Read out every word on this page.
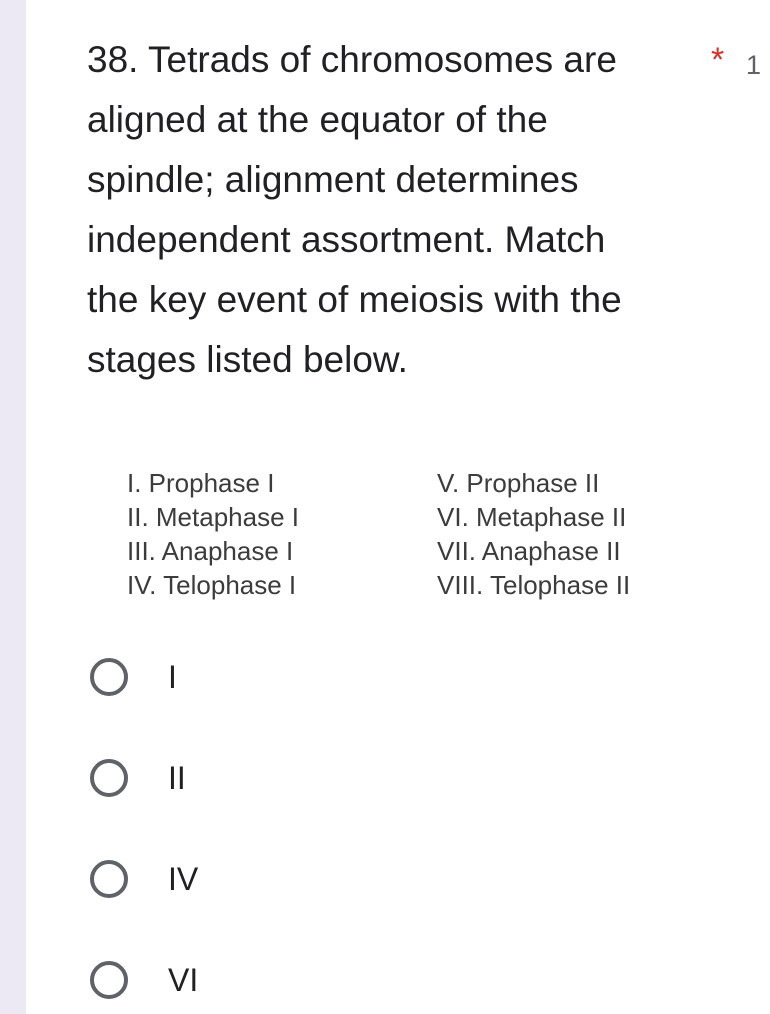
38. Tetrads of chromosomes are
aligned at the equator of the
spindle; alignment determines
independent assortment. Match
the key event of meiosis with the
stages listed below.
* 1
I. Prophase I
II. Metaphase I
III. Anaphase I
IV. Telophase I
V. Prophase II
VI. Metaphase II
VII. Anaphase II
VIII. Telophase II
I
II
IV
VI
